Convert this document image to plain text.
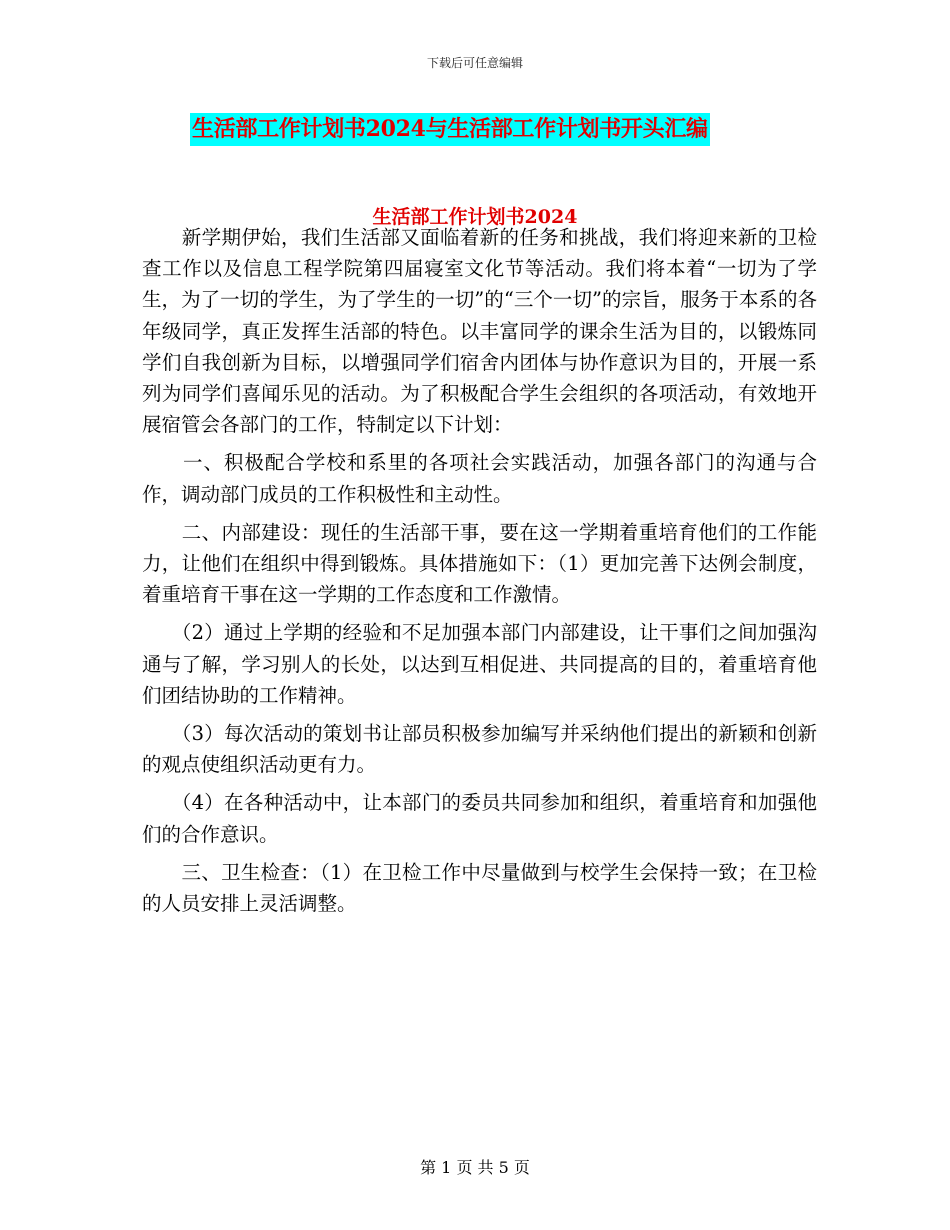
下载后可任意编辑
生活部工作计划书2024与生活部工作计划书开头汇编
生活部工作计划书2024

　　新学期伊始，我们生活部又面临着新的任务和挑战，我们将迎来新的卫检查工作以及信息工程学院第四届寝室文化节等活动。我们将本着“一切为了学生，为了一切的学生，为了学生的一切”的“三个一切”的宗旨，服务于本系的各年级同学，真正发挥生活部的特色。以丰富同学的课余生活为目的，以锻炼同学们自我创新为目标，以增强同学们宿舍内团体与协作意识为目的，开展一系列为同学们喜闻乐见的活动。为了积极配合学生会组织的各项活动，有效地开展宿管会各部门的工作，特制定以下计划：

　　一、积极配合学校和系里的各项社会实践活动，加强各部门的沟通与合作，调动部门成员的工作积极性和主动性。

　　二、内部建设：现任的生活部干事，要在这一学期着重培育他们的工作能力，让他们在组织中得到锻炼。具体措施如下：（1）更加完善下达例会制度，着重培育干事在这一学期的工作态度和工作激情。

　　（2）通过上学期的经验和不足加强本部门内部建设，让干事们之间加强沟通与了解，学习别人的长处，以达到互相促进、共同提高的目的，着重培育他们团结协助的工作精神。

　　（3）每次活动的策划书让部员积极参加编写并采纳他们提出的新颖和创新的观点使组织活动更有力。

　　（4）在各种活动中，让本部门的委员共同参加和组织，着重培育和加强他们的合作意识。

　　三、卫生检查：（1）在卫检工作中尽量做到与校学生会保持一致；在卫检的人员安排上灵活调整。

第 1 页 共 5 页
